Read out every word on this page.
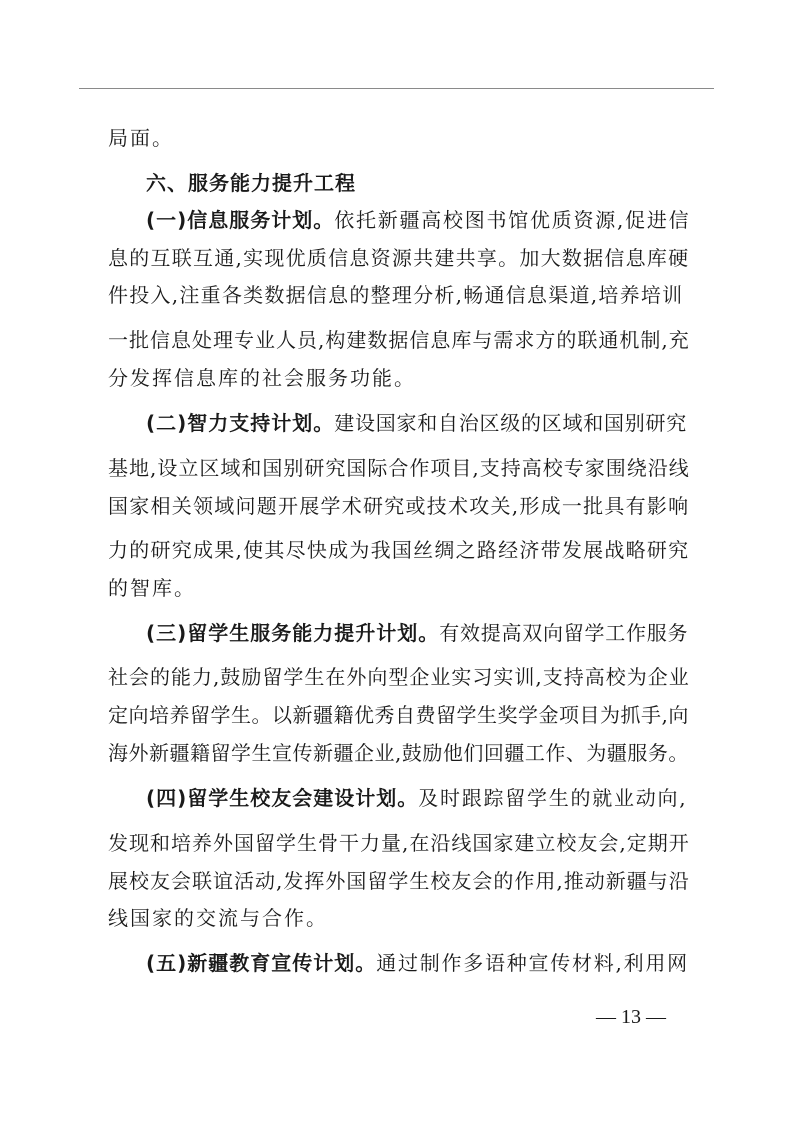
局面。
六、服务能力提升工程
(一)信息服务计划。依托新疆高校图书馆优质资源,促进信
息的互联互通,实现优质信息资源共建共享。加大数据信息库硬
件投入,注重各类数据信息的整理分析,畅通信息渠道,培养培训
一批信息处理专业人员,构建数据信息库与需求方的联通机制,充
分发挥信息库的社会服务功能。
(二)智力支持计划。建设国家和自治区级的区域和国别研究
基地,设立区域和国别研究国际合作项目,支持高校专家围绕沿线
国家相关领域问题开展学术研究或技术攻关,形成一批具有影响
力的研究成果,使其尽快成为我国丝绸之路经济带发展战略研究
的智库。
(三)留学生服务能力提升计划。有效提高双向留学工作服务
社会的能力,鼓励留学生在外向型企业实习实训,支持高校为企业
定向培养留学生。以新疆籍优秀自费留学生奖学金项目为抓手,向
海外新疆籍留学生宣传新疆企业,鼓励他们回疆工作、为疆服务。
(四)留学生校友会建设计划。及时跟踪留学生的就业动向,
发现和培养外国留学生骨干力量,在沿线国家建立校友会,定期开
展校友会联谊活动,发挥外国留学生校友会的作用,推动新疆与沿
线国家的交流与合作。
(五)新疆教育宣传计划。通过制作多语种宣传材料,利用网
— 13 —
